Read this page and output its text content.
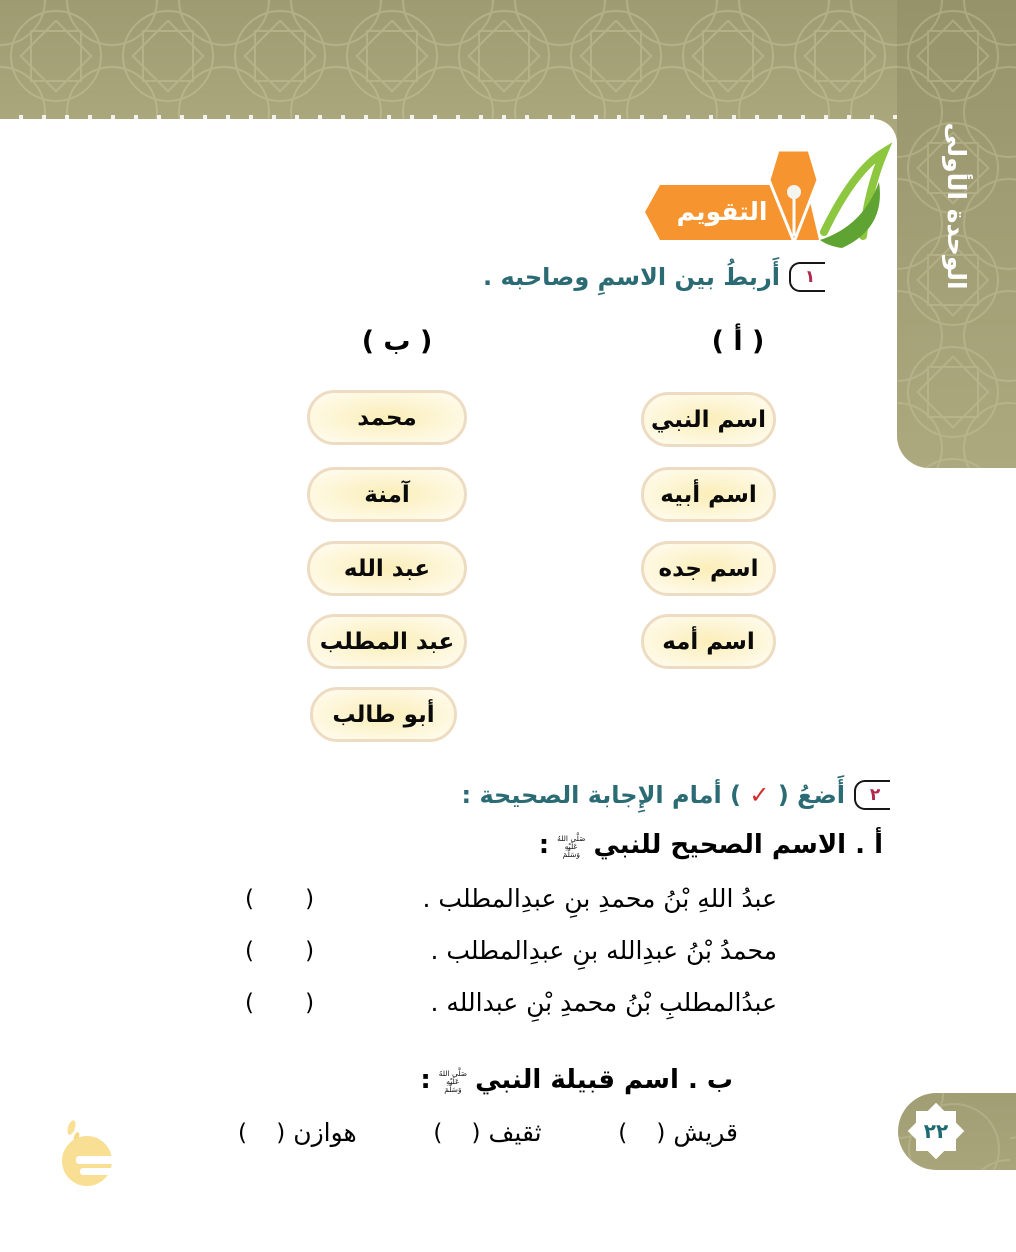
الوحدة الأولى
التقويم
١
أَربطُ بين الاسمِ وصاحبه .
( أ )
( ب )
اسم النبي
اسم أبيه
اسم جده
اسم أمه
محمد
آمنة
عبد الله
عبد المطلب
أبو طالب
٢
أَضعُ ( ✓ ) أمام الإِجابة الصحيحة :
أ . الاسم الصحيح للنبي
صَلَّى اللهُ
عَلَيْهِ
وَسَلَّمَ
:
عبدُ اللهِ بْنُ محمدِ بنِ عبدِالمطلب .
(       )
محمدُ بْنُ عبدِالله بنِ عبدِالمطلب .
(       )
عبدُالمطلبِ بْنُ محمدِ بْنِ عبدالله .
(       )
ب . اسم قبيلة النبي
صَلَّى اللهُ
عَلَيْهِ
وَسَلَّمَ
:
قريش
(    )
ثقيف
(    )
هوازن
(    )	٢٢
